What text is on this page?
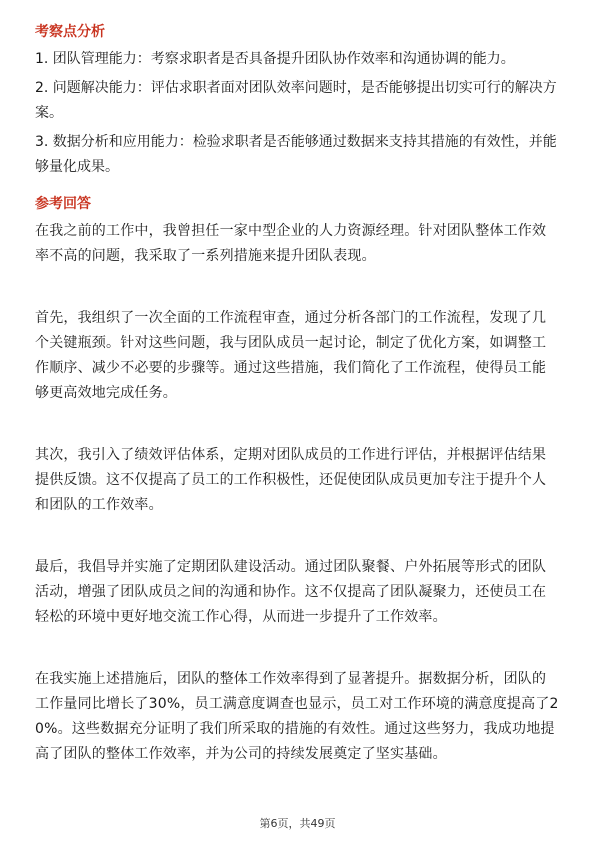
考察点分析
1. 团队管理能力：考察求职者是否具备提升团队协作效率和沟通协调的能力。
2. 问题解决能力：评估求职者面对团队效率问题时，是否能够提出切实可行的解决方案。
3. 数据分析和应用能力：检验求职者是否能够通过数据来支持其措施的有效性，并能够量化成果。
参考回答
在我之前的工作中，我曾担任一家中型企业的人力资源经理。针对团队整体工作效率不高的问题，我采取了一系列措施来提升团队表现。
首先，我组织了一次全面的工作流程审查，通过分析各部门的工作流程，发现了几个关键瓶颈。针对这些问题，我与团队成员一起讨论，制定了优化方案，如调整工作顺序、减少不必要的步骤等。通过这些措施，我们简化了工作流程，使得员工能够更高效地完成任务。
其次，我引入了绩效评估体系，定期对团队成员的工作进行评估，并根据评估结果提供反馈。这不仅提高了员工的工作积极性，还促使团队成员更加专注于提升个人和团队的工作效率。
最后，我倡导并实施了定期团队建设活动。通过团队聚餐、户外拓展等形式的团队活动，增强了团队成员之间的沟通和协作。这不仅提高了团队凝聚力，还使员工在轻松的环境中更好地交流工作心得，从而进一步提升了工作效率。
在我实施上述措施后，团队的整体工作效率得到了显著提升。据数据分析，团队的工作量同比增长了30%，员工满意度调查也显示，员工对工作环境的满意度提高了20%。这些数据充分证明了我们所采取的措施的有效性。通过这些努力，我成功地提高了团队的整体工作效率，并为公司的持续发展奠定了坚实基础。
第6页，共49页
